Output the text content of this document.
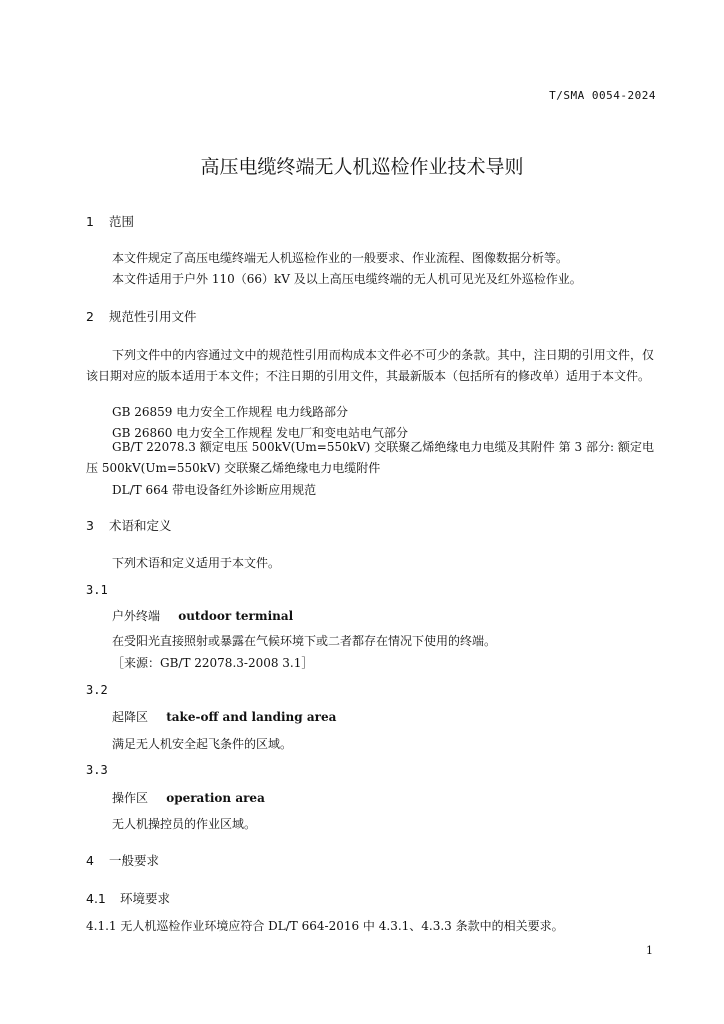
T/SMA 0054-2024
高压电缆终端无人机巡检作业技术导则
1 范围
本文件规定了高压电缆终端无人机巡检作业的一般要求、作业流程、图像数据分析等。
本文件适用于户外 110（66）kV 及以上高压电缆终端的无人机可见光及红外巡检作业。
2 规范性引用文件
下列文件中的内容通过文中的规范性引用而构成本文件必不可少的条款。其中，注日期的引用文件，仅该日期对应的版本适用于本文件；不注日期的引用文件，其最新版本（包括所有的修改单）适用于本文件。
GB 26859 电力安全工作规程 电力线路部分
GB 26860 电力安全工作规程 发电厂和变电站电气部分
GB/T 22078.3 额定电压 500kV(Um=550kV) 交联聚乙烯绝缘电力电缆及其附件 第 3 部分: 额定电压 500kV(Um=550kV) 交联聚乙烯绝缘电力电缆附件
DL/T 664 带电设备红外诊断应用规范
3 术语和定义
下列术语和定义适用于本文件。
3.1
户外终端 outdoor terminal
在受阳光直接照射或暴露在气候环境下或二者都存在情况下使用的终端。
［来源：GB/T 22078.3-2008 3.1］
3.2
起降区 take-off and landing area
满足无人机安全起飞条件的区域。
3.3
操作区 operation area
无人机操控员的作业区域。
4 一般要求
4.1 环境要求
4.1.1 无人机巡检作业环境应符合 DL/T 664-2016 中 4.3.1、4.3.3 条款中的相关要求。
1
